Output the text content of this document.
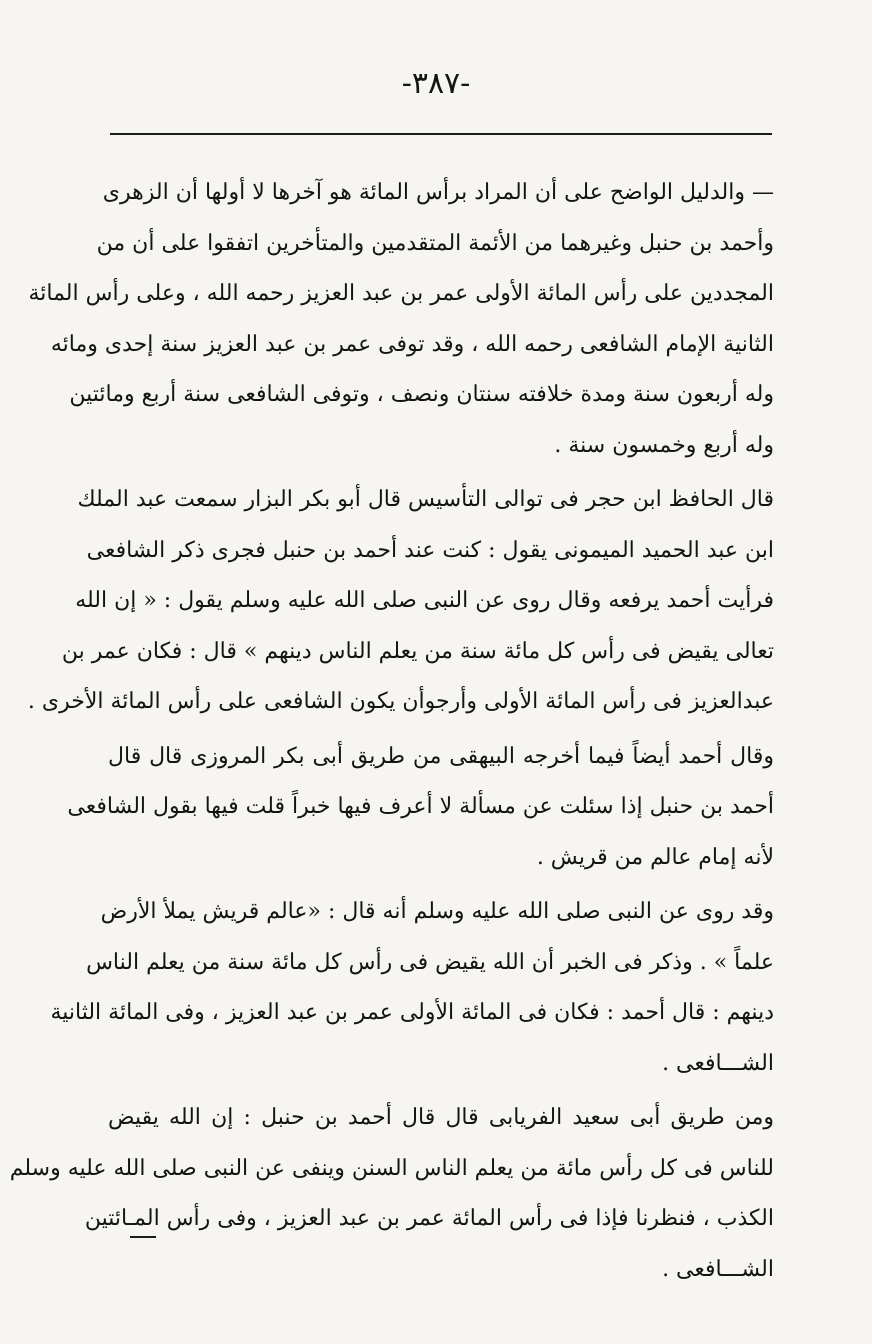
-٣٨٧-
— والدليل الواضح على أن المراد برأس المائة هو آخرها لا أولها أن الزهرى
وأحمد بن حنبل وغيرهما من الأئمة المتقدمين والمتأخرين اتفقوا على أن من
المجددين على رأس المائة الأولى عمر بن عبد العزيز رحمه الله ، وعلى رأس المائة
الثانية الإمام الشافعى رحمه الله ، وقد توفى عمر بن عبد العزيز سنة إحدى ومائه
وله أربعون سنة ومدة خلافته سنتان ونصف ، وتوفى الشافعى سنة أربع ومائتين
وله أربع وخمسون سنة .
قال الحافظ ابن حجر فى توالى التأسيس قال أبو بكر البزار سمعت عبد الملك
ابن عبد الحميد الميمونى يقول : كنت عند أحمد بن حنبل فجرى ذكر الشافعى
فرأيت أحمد يرفعه وقال روى عن النبى صلى الله عليه وسلم يقول : « إن الله
تعالى يقيض فى رأس كل مائة سنة من يعلم الناس دينهم » قال : فكان عمر بن
عبدالعزيز فى رأس المائة الأولى وأرجوأن يكون الشافعى على رأس المائة الأخرى .
وقال أحمد أيضاً فيما أخرجه البيهقى من طريق أبى بكر المروزى قال قال
أحمد بن حنبل إذا سئلت عن مسألة لا أعرف فيها خبراً قلت فيها بقول الشافعى
لأنه إمام عالم من قريش .
وقد روى عن النبى صلى الله عليه وسلم أنه قال : «عالم قريش يملأ الأرض
علماً » . وذكر فى الخبر أن الله يقيض فى رأس كل مائة سنة من يعلم الناس
دينهم : قال أحمد : فكان فى المائة الأولى عمر بن عبد العزيز ، وفى المائة الثانية
الشـــافعى .
ومن طريق أبى سعيد الفريابى قال قال أحمد بن حنبل : إن الله يقيض
للناس فى كل رأس مائة من يعلم الناس السنن وينفى عن النبى صلى الله عليه وسلم
الكذب ، فنظرنا فإذا فى رأس المائة عمر بن عبد العزيز ، وفى رأس المـائتين
الشـــافعى .
